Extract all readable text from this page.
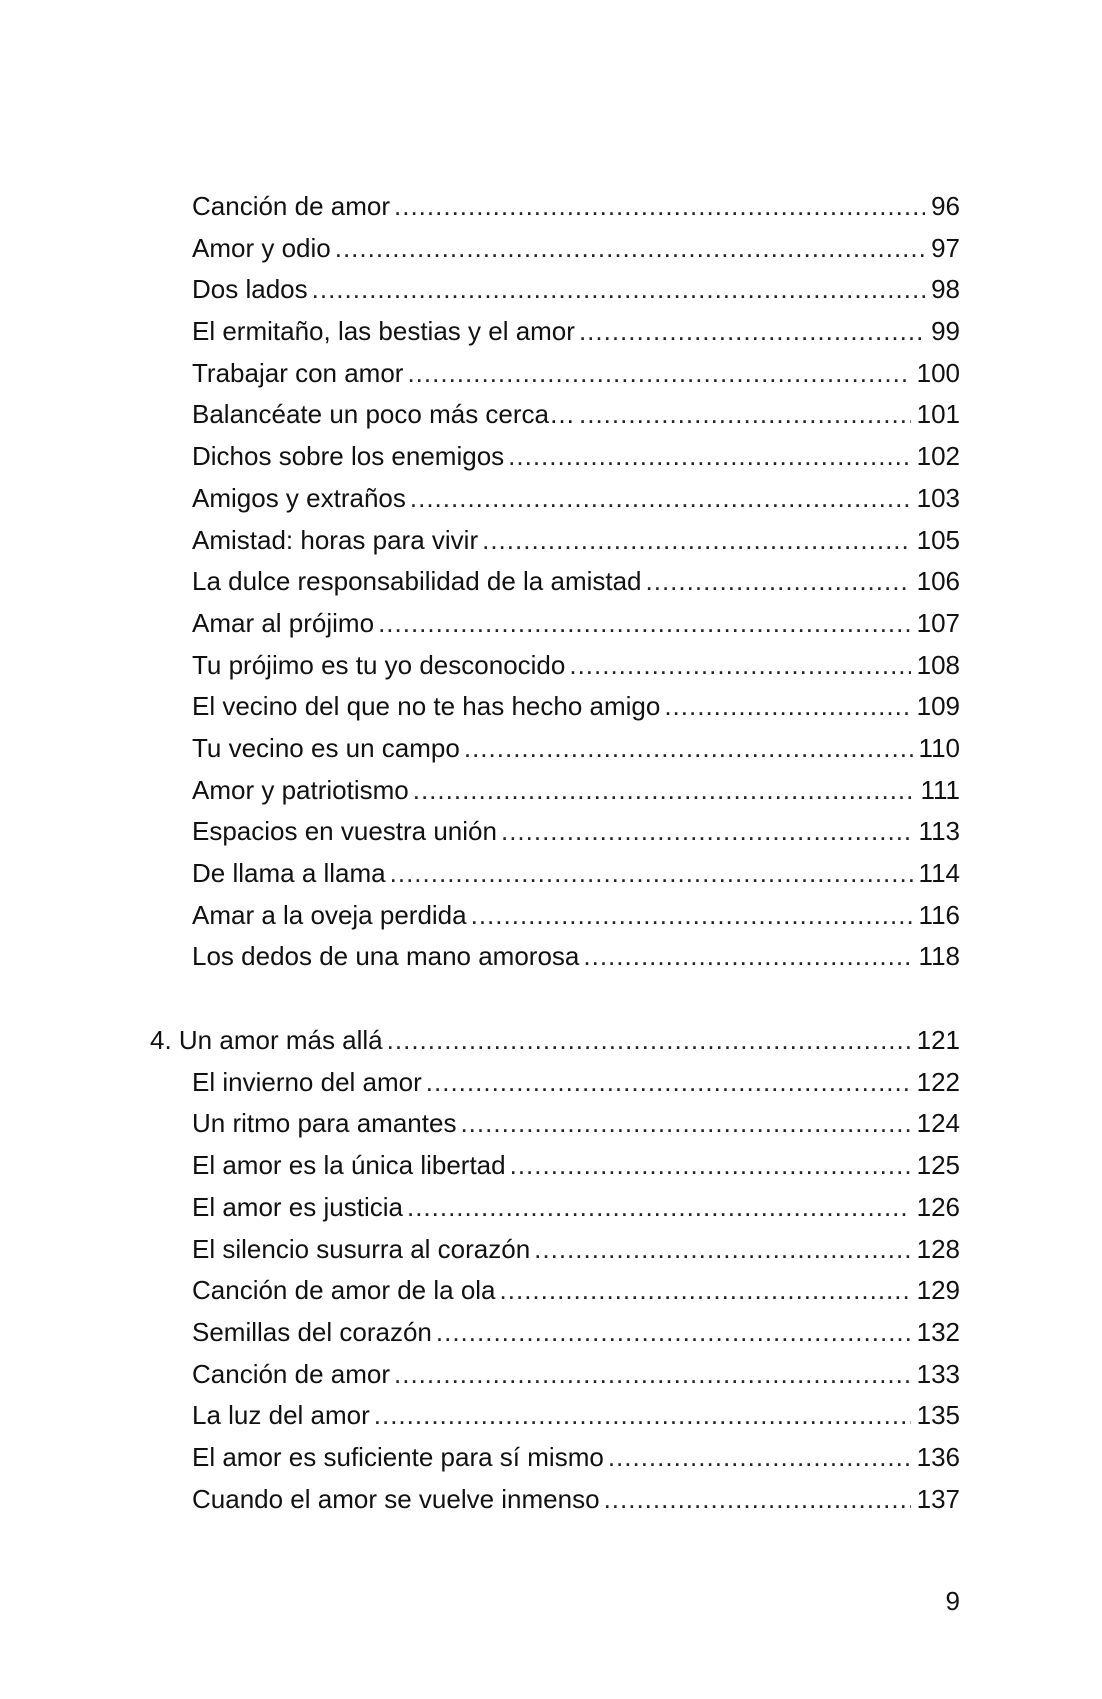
Canción de amor .....	96
Amor y odio .....	97
Dos lados .....	98
El ermitaño, las bestias y el amor .....	99
Trabajar con amor .....	100
Balancéate un poco más cerca… .....	101
Dichos sobre los enemigos .....	102
Amigos y extraños .....	103
Amistad: horas para vivir .....	105
La dulce responsabilidad de la amistad .....	106
Amar al prójimo .....	107
Tu prójimo es tu yo desconocido .....	108
El vecino del que no te has hecho amigo .....	109
Tu vecino es un campo .....	110
Amor y patriotismo .....	111
Espacios en vuestra unión .....	113
De llama a llama .....	114
Amar a la oveja perdida .....	116
Los dedos de una mano amorosa .....	118
4. Un amor más allá .....	121
El invierno del amor .....	122
Un ritmo para amantes .....	124
El amor es la única libertad .....	125
El amor es justicia .....	126
El silencio susurra al corazón .....	128
Canción de amor de la ola .....	129
Semillas del corazón .....	132
Canción de amor .....	133
La luz del amor .....	135
El amor es suficiente para sí mismo .....	136
Cuando el amor se vuelve inmenso .....	137
9
